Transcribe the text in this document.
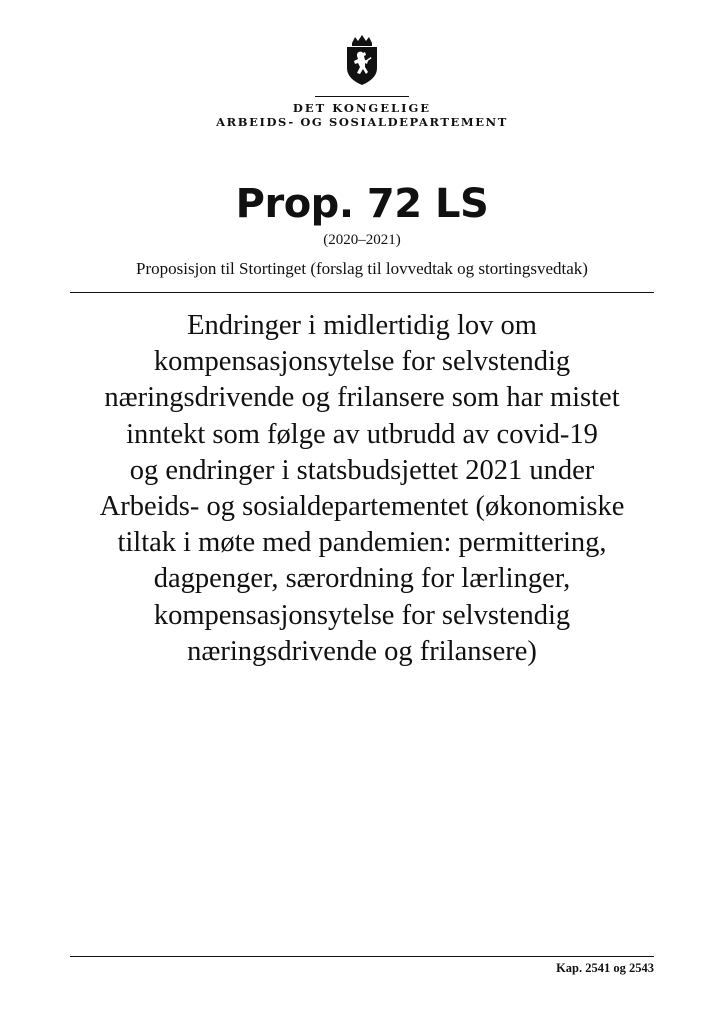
DET KONGELIGE
ARBEIDS- OG SOSIALDEPARTEMENT
Prop. 72 LS
(2020–2021)
Proposisjon til Stortinget (forslag til lovvedtak og stortingsvedtak)
Endringer i midlertidig lov om
kompensasjonsytelse for selvstendig
næringsdrivende og frilansere som har mistet
inntekt som følge av utbrudd av covid-19
og endringer i statsbudsjettet 2021 under
Arbeids- og sosialdepartementet (økonomiske
tiltak i møte med pandemien: permittering,
dagpenger, særordning for lærlinger,
kompensasjonsytelse for selvstendig
næringsdrivende og frilansere)
Kap. 2541 og 2543
